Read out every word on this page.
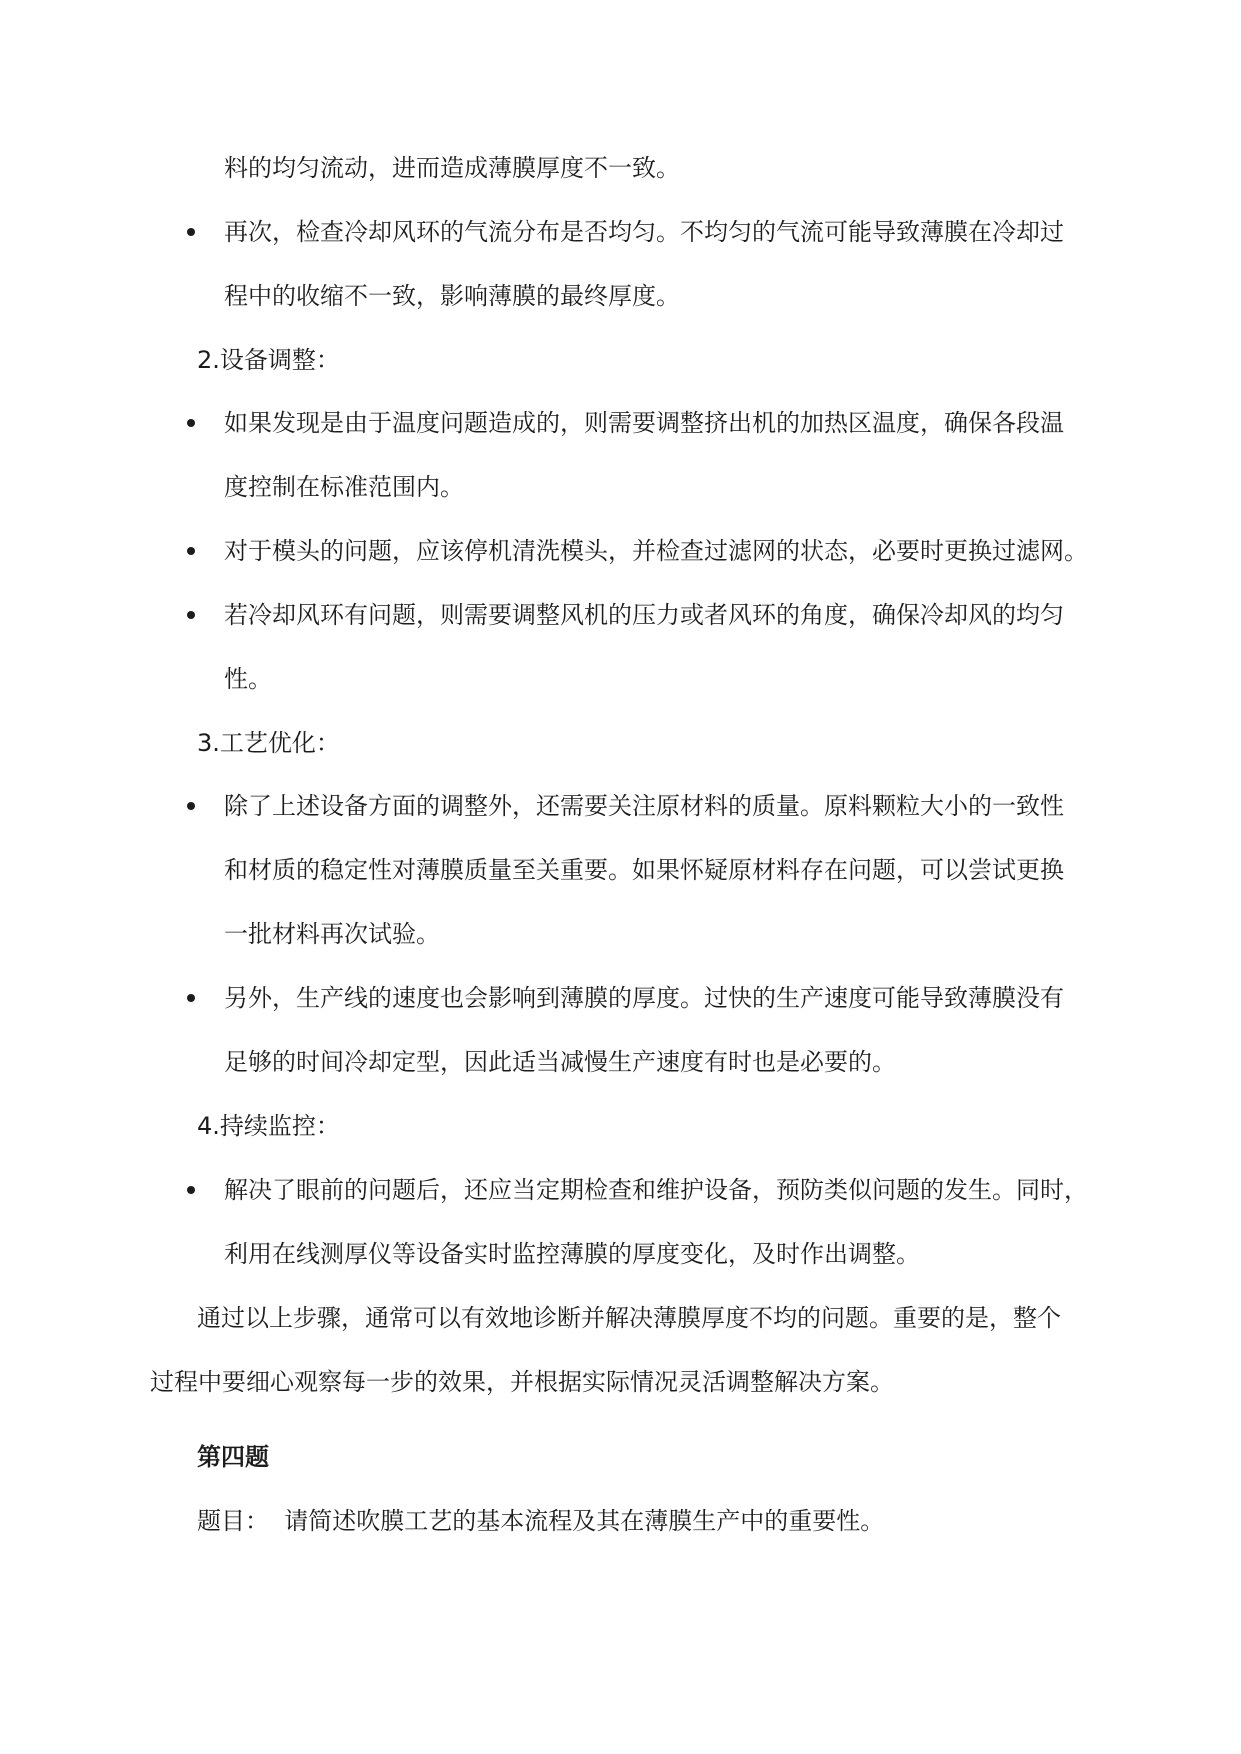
料的均匀流动，进而造成薄膜厚度不一致。
再次，检查冷却风环的气流分布是否均匀。不均匀的气流可能导致薄膜在冷却过
程中的收缩不一致，影响薄膜的最终厚度。
2.设备调整：
如果发现是由于温度问题造成的，则需要调整挤出机的加热区温度，确保各段温
度控制在标准范围内。
对于模头的问题，应该停机清洗模头，并检查过滤网的状态，必要时更换过滤网。
若冷却风环有问题，则需要调整风机的压力或者风环的角度，确保冷却风的均匀
性。
3.工艺优化：
除了上述设备方面的调整外，还需要关注原材料的质量。原料颗粒大小的一致性
和材质的稳定性对薄膜质量至关重要。如果怀疑原材料存在问题，可以尝试更换
一批材料再次试验。
另外，生产线的速度也会影响到薄膜的厚度。过快的生产速度可能导致薄膜没有
足够的时间冷却定型，因此适当减慢生产速度有时也是必要的。
4.持续监控：
解决了眼前的问题后，还应当定期检查和维护设备，预防类似问题的发生。同时，
利用在线测厚仪等设备实时监控薄膜的厚度变化，及时作出调整。
通过以上步骤，通常可以有效地诊断并解决薄膜厚度不均的问题。重要的是，整个
过程中要细心观察每一步的效果，并根据实际情况灵活调整解决方案。
第四题
题目：  请简述吹膜工艺的基本流程及其在薄膜生产中的重要性。
